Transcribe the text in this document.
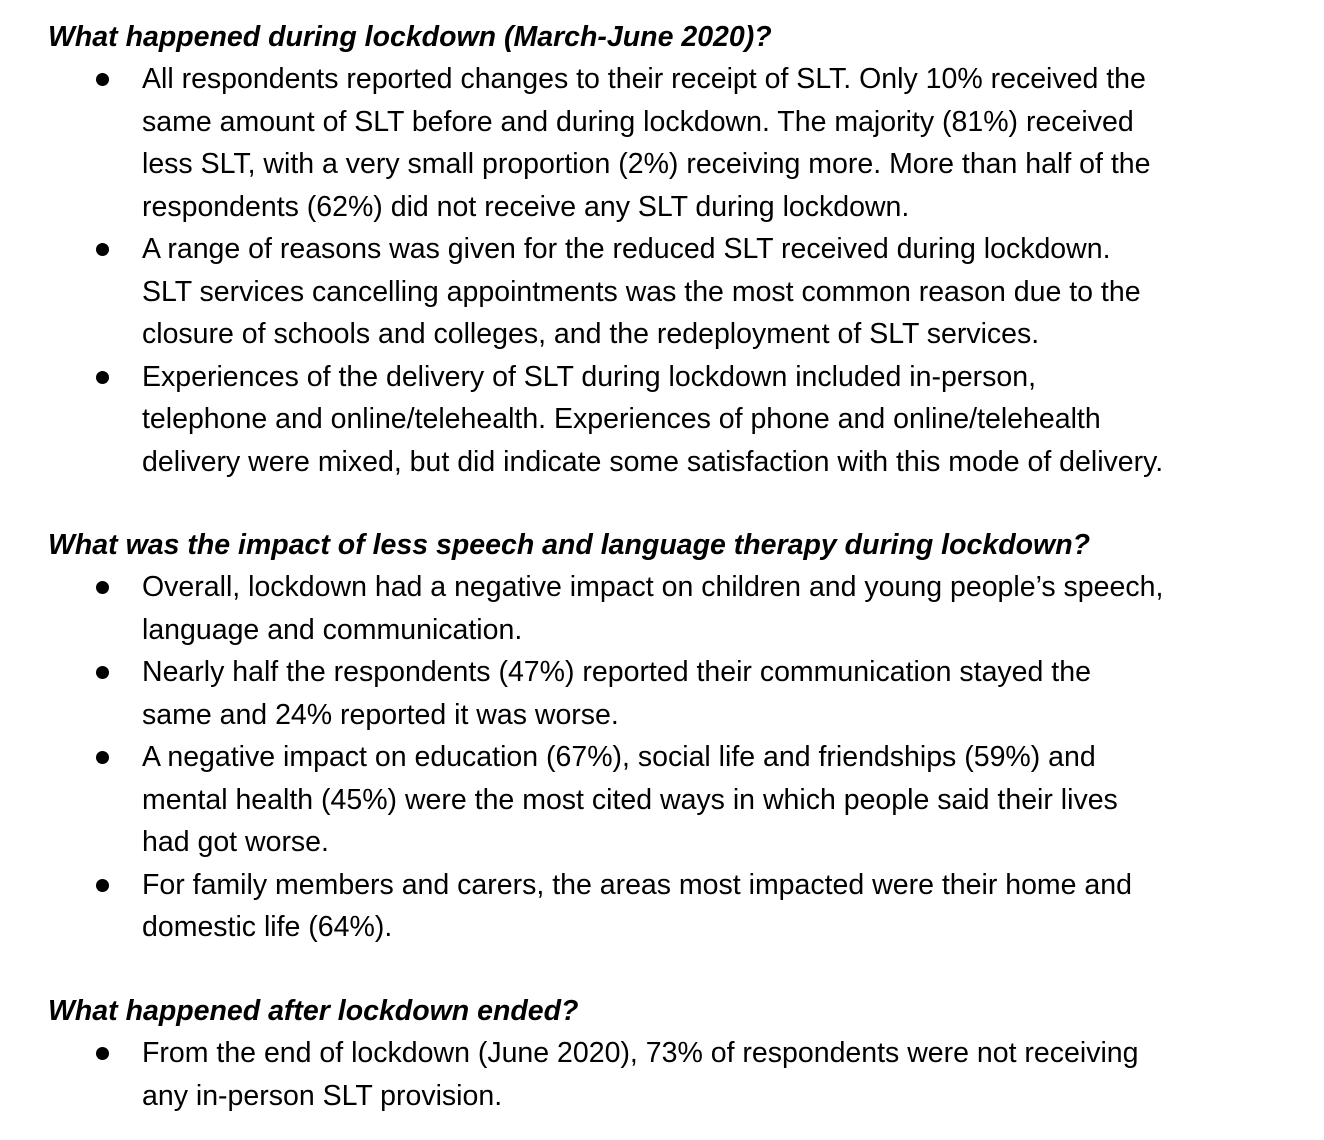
What happened during lockdown (March-June 2020)?
All respondents reported changes to their receipt of SLT. Only 10% received the
same amount of SLT before and during lockdown. The majority (81%) received
less SLT, with a very small proportion (2%) receiving more. More than half of the
respondents (62%) did not receive any SLT during lockdown.
A range of reasons was given for the reduced SLT received during lockdown.
SLT services cancelling appointments was the most common reason due to the
closure of schools and colleges, and the redeployment of SLT services.
Experiences of the delivery of SLT during lockdown included in-person,
telephone and online/telehealth. Experiences of phone and online/telehealth
delivery were mixed, but did indicate some satisfaction with this mode of delivery.
What was the impact of less speech and language therapy during lockdown?
Overall, lockdown had a negative impact on children and young people’s speech,
language and communication.
Nearly half the respondents (47%) reported their communication stayed the
same and 24% reported it was worse.
A negative impact on education (67%), social life and friendships (59%) and
mental health (45%) were the most cited ways in which people said their lives
had got worse.
For family members and carers, the areas most impacted were their home and
domestic life (64%).
What happened after lockdown ended?
From the end of lockdown (June 2020), 73% of respondents were not receiving
any in-person SLT provision.
